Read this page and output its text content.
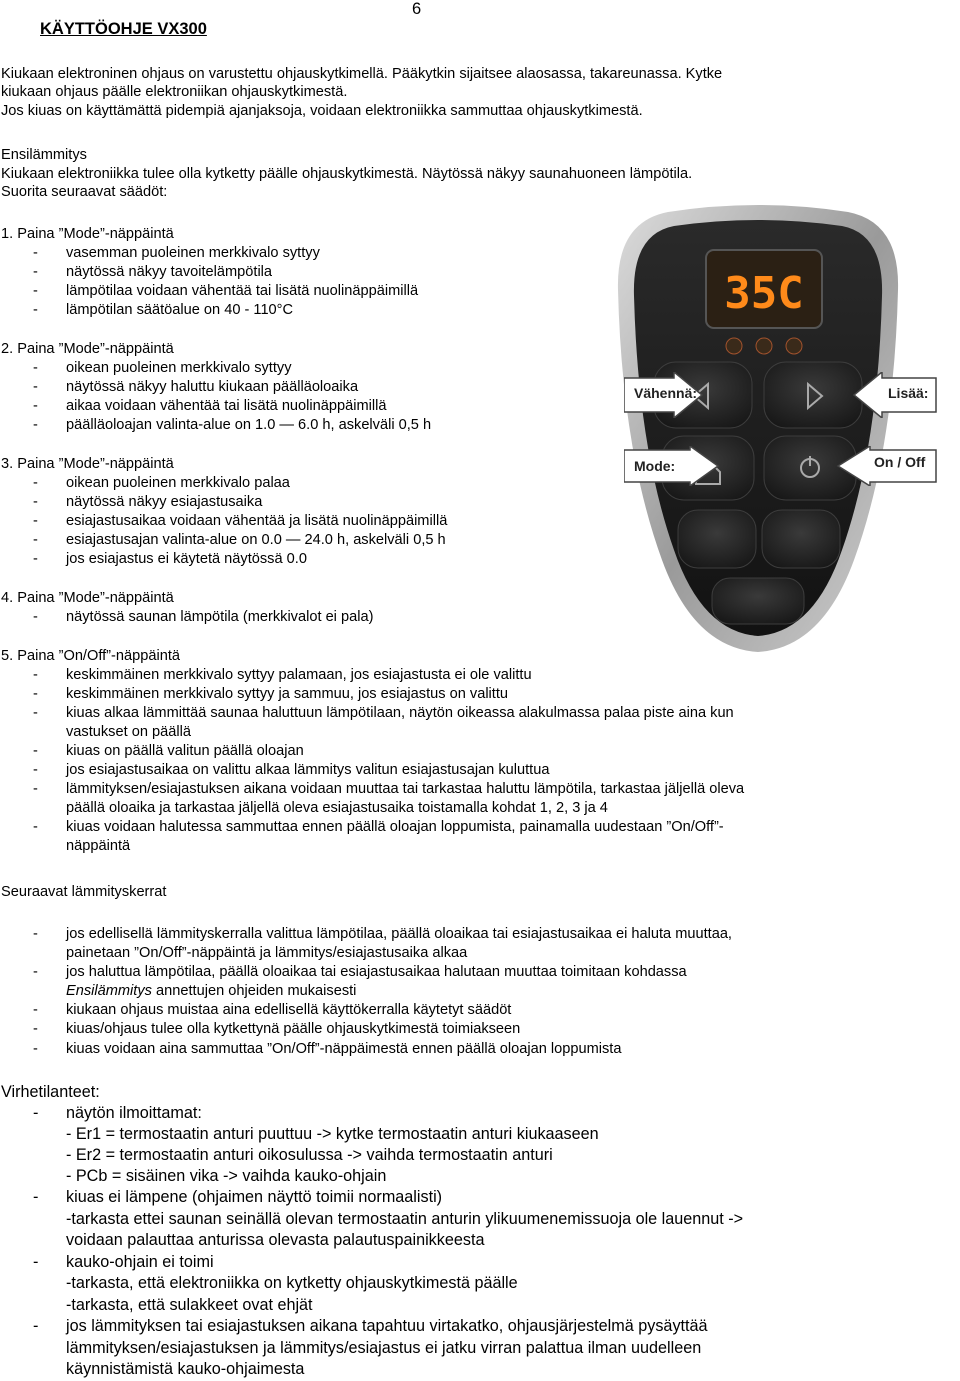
KÄYTTÖOHJE VX300
6
Kiukaan elektroninen ohjaus on varustettu ohjauskytkimellä. Pääkytkin sijaitsee alaosassa, takareunassa. Kytke
kiukaan ohjaus päälle elektroniikan ohjauskytkimestä.
Jos kiuas on käyttämättä pidempiä ajanjaksoja, voidaan elektroniikka sammuttaa ohjauskytkimestä.
Ensilämmitys
Kiukaan elektroniikka tulee olla kytketty päälle ohjauskytkimestä. Näytössä näkyy saunahuoneen lämpötila.
Suorita seuraavat säädöt:
1. Paina ”Mode”-näppäintä
- vasemman puoleinen merkkivalo syttyy
- näytössä näkyy tavoitelämpötila
- lämpötilaa voidaan vähentää tai lisätä nuolinäppäimillä
- lämpötilan säätöalue on 40 - 110°C
2. Paina ”Mode”-näppäintä
- oikean puoleinen merkkivalo syttyy
- näytössä näkyy haluttu kiukaan päälläoloaika
- aikaa voidaan vähentää tai lisätä nuolinäppäimillä
- päälläoloajan valinta-alue on 1.0 — 6.0 h, askelväli 0,5 h
3. Paina ”Mode”-näppäintä
- oikean puoleinen merkkivalo palaa
- näytössä näkyy esiajastusaika
- esiajastusaikaa voidaan vähentää ja lisätä nuolinäppäimillä
- esiajastusajan valinta-alue on 0.0 — 24.0 h, askelväli 0,5 h
- jos esiajastus ei käytetä näytössä 0.0
4. Paina ”Mode”-näppäintä
- näytössä saunan lämpötila (merkkivalot ei pala)
5. Paina ”On/Off”-näppäintä
- keskimmäinen merkkivalo syttyy palamaan, jos esiajastusta ei ole valittu
- keskimmäinen merkkivalo syttyy ja sammuu, jos esiajastus on valittu
- kiuas alkaa lämmittää saunaa haluttuun lämpötilaan, näytön oikeassa alakulmassa palaa piste aina kun
vastukset on päällä
- kiuas on päällä valitun päällä oloajan
- jos esiajastusaikaa on valittu alkaa lämmitys valitun esiajastusajan kuluttua
- lämmityksen/esiajastuksen aikana voidaan muuttaa tai tarkastaa haluttu lämpötila, tarkastaa jäljellä oleva
päällä oloaika ja tarkastaa jäljellä oleva esiajastusaika toistamalla kohdat 1, 2, 3 ja 4
- kiuas voidaan halutessa sammuttaa ennen päällä oloajan loppumista, painamalla uudestaan ”On/Off”-
näppäintä
Seuraavat lämmityskerrat
- jos edellisellä lämmityskerralla valittua lämpötilaa, päällä oloaikaa tai esiajastusaikaa ei haluta muuttaa,
painetaan ”On/Off”-näppäintä ja lämmitys/esiajastusaika alkaa
- jos haluttua lämpötilaa, päällä oloaikaa tai esiajastusaikaa halutaan muuttaa toimitaan kohdassa
Ensilämmitys annettujen ohjeiden mukaisesti
- kiukaan ohjaus muistaa aina edellisellä käyttökerralla käytetyt säädöt
- kiuas/ohjaus tulee olla kytkettynä päälle ohjauskytkimestä toimiakseen
- kiuas voidaan aina sammuttaa ”On/Off”-näppäimestä ennen päällä oloajan loppumista
Virhetilanteet:
- näytön ilmoittamat:
- Er1 = termostaatin anturi puuttuu -> kytke termostaatin anturi kiukaaseen
- Er2 = termostaatin anturi oikosulussa -> vaihda termostaatin anturi
- PCb = sisäinen vika -> vaihda kauko-ohjain
- kiuas ei lämpene (ohjaimen näyttö toimii normaalisti)
-tarkasta ettei saunan seinällä olevan termostaatin anturin ylikuumenemissuoja ole lauennut ->
voidaan palauttaa anturissa olevasta palautuspainikkeesta
- kauko-ohjain ei toimi
-tarkasta, että elektroniikka on kytketty ohjauskytkimestä päälle
-tarkasta, että sulakkeet ovat ehjät
- jos lämmityksen tai esiajastuksen aikana tapahtuu virtakatko, ohjausjärjestelmä pysäyttää
lämmityksen/esiajastuksen ja lämmitys/esiajastus ei jatku virran palattua ilman uudelleen
käynnistämistä kauko-ohjaimesta
35C
Vähennä:	Lisää:
Mode:	On / Off
